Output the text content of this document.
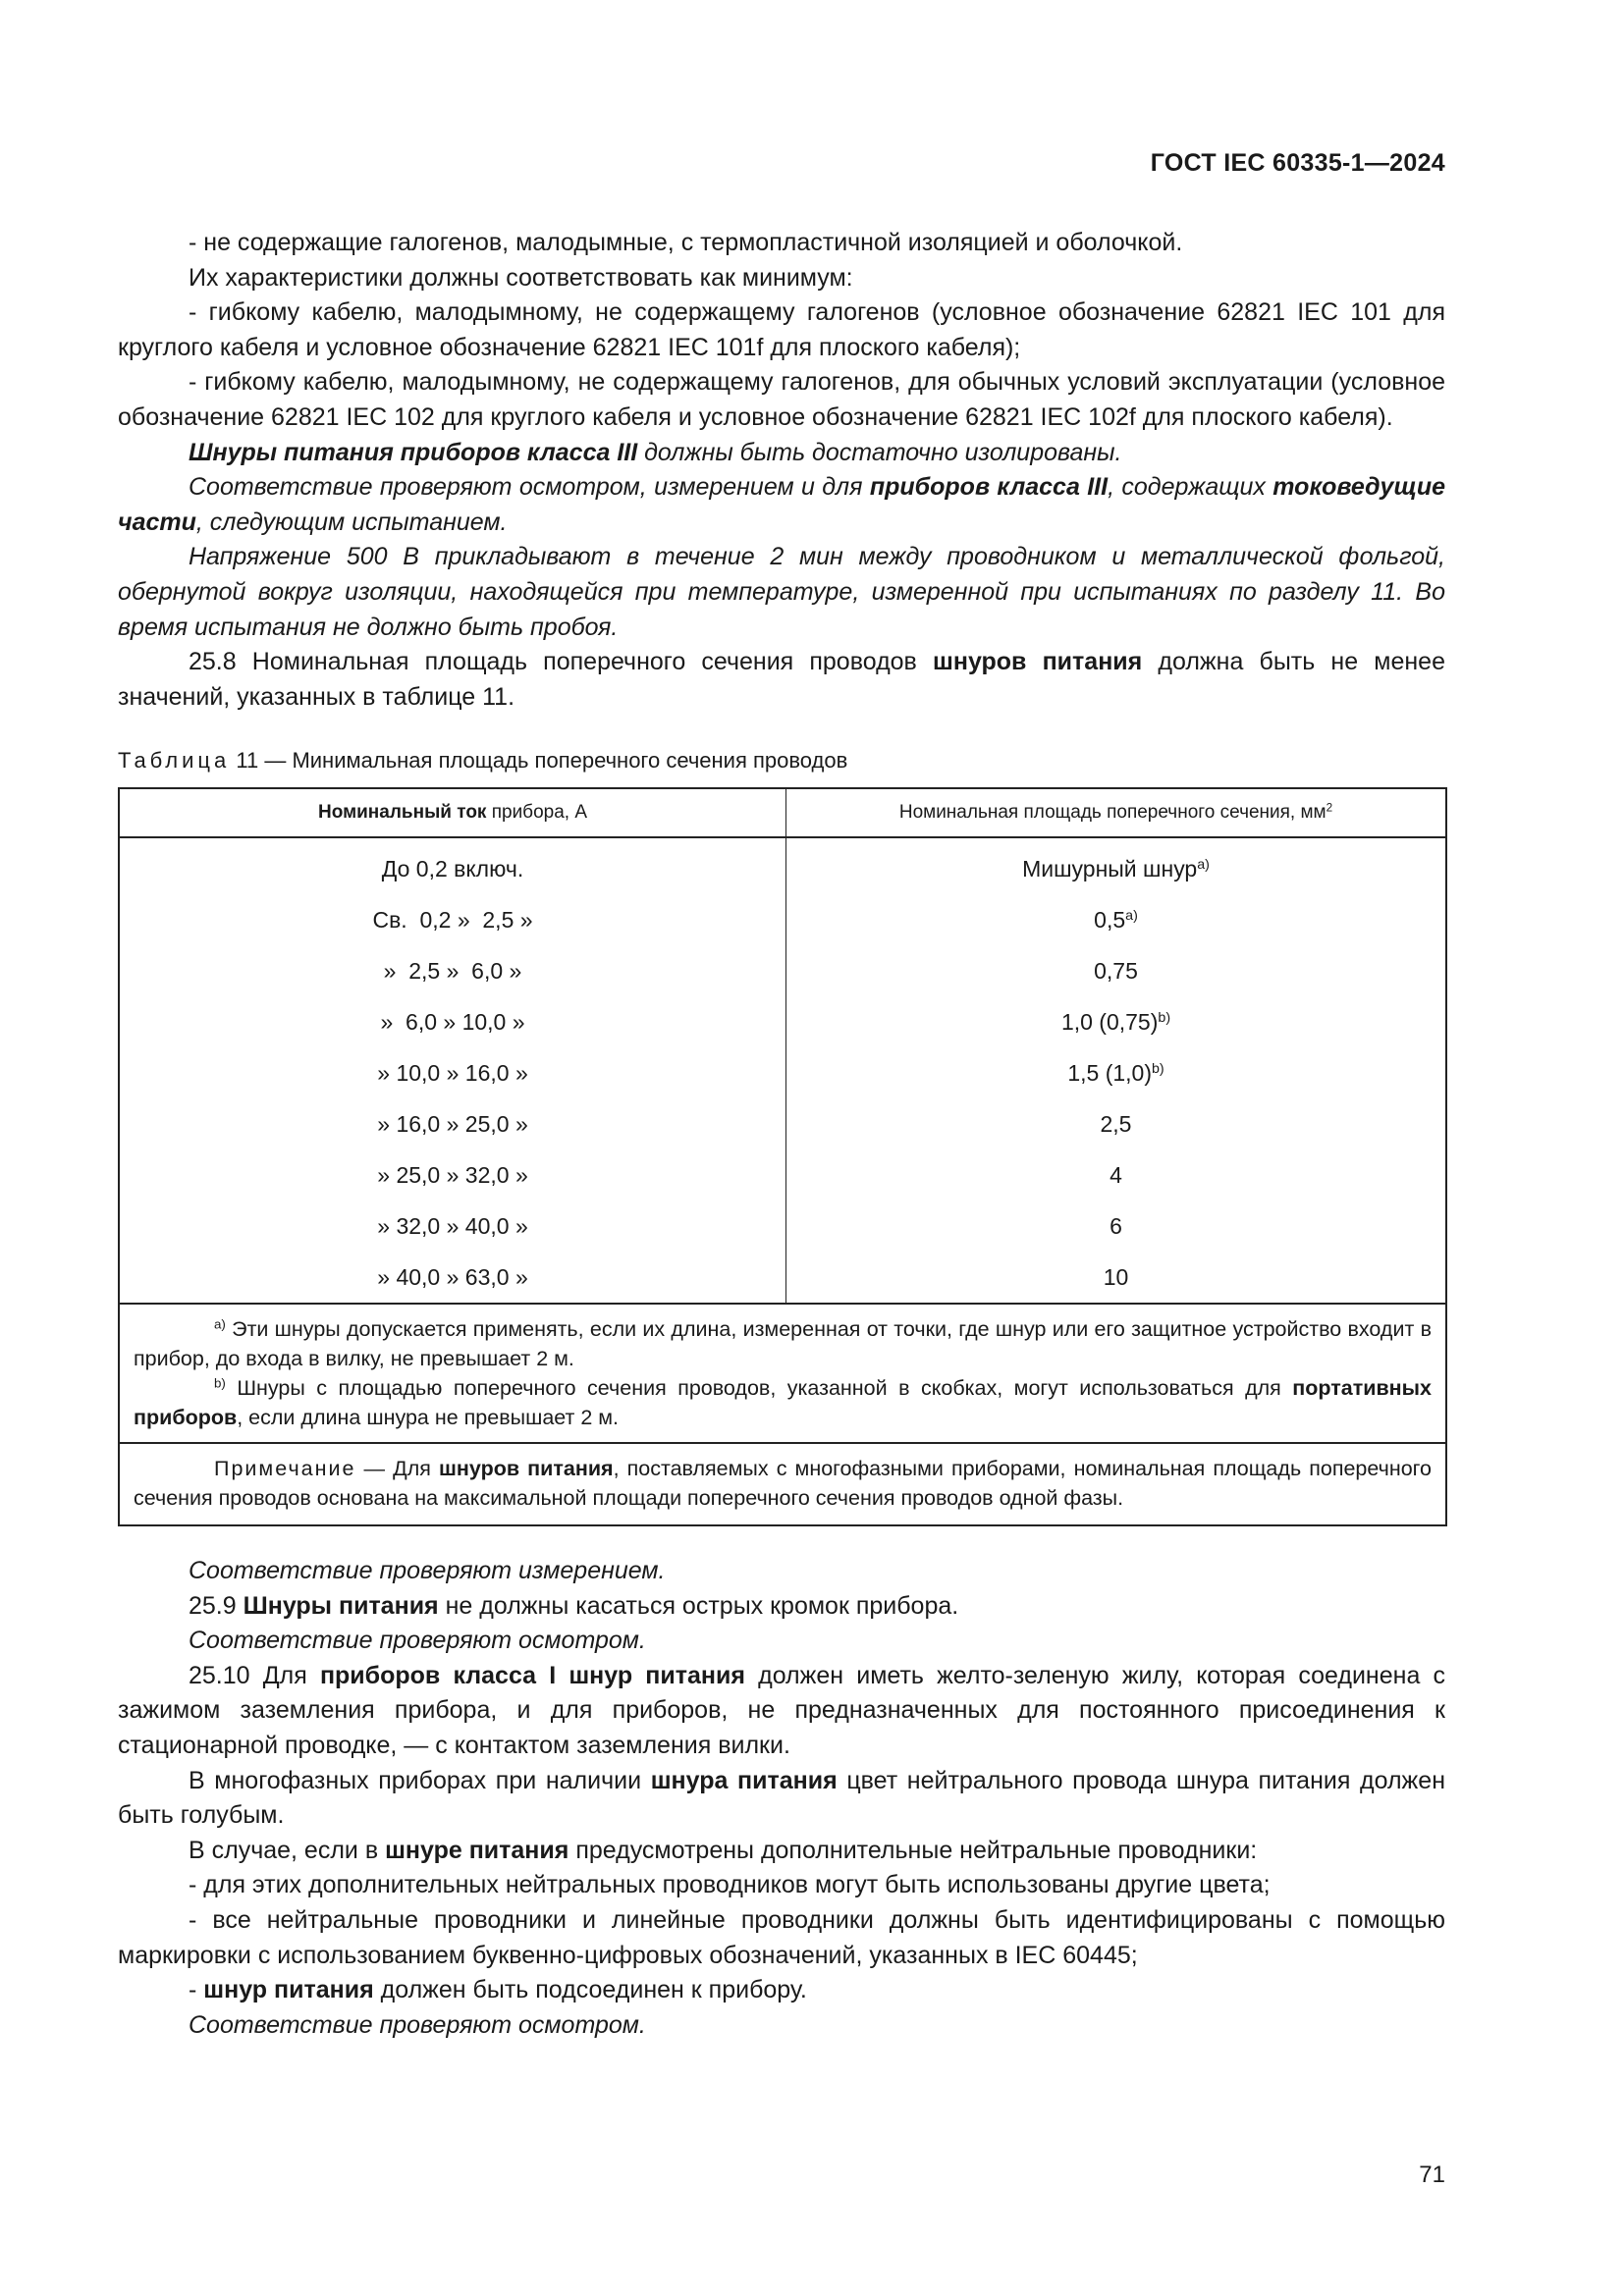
ГОСТ IEC 60335-1—2024

- не содержащие галогенов, малодымные, с термопластичной изоляцией и оболочкой.

Их характеристики должны соответствовать как минимум:

- гибкому кабелю, малодымному, не содержащему галогенов (условное обозначение 62821 IEC 101 для круглого кабеля и условное обозначение 62821 IEC 101f для плоского кабеля);

- гибкому кабелю, малодымному, не содержащему галогенов, для обычных условий эксплуатации (условное обозначение 62821 IEC 102 для круглого кабеля и условное обозначение 62821 IEC 102f для плоского кабеля).

Шнуры питания приборов класса III должны быть достаточно изолированы.

Соответствие проверяют осмотром, измерением и для приборов класса III, содержащих токоведущие части, следующим испытанием.

Напряжение 500 В прикладывают в течение 2 мин между проводником и металлической фольгой, обернутой вокруг изоляции, находящейся при температуре, измеренной при испытаниях по разделу 11. Во время испытания не должно быть пробоя.

25.8 Номинальная площадь поперечного сечения проводов шнуров питания должна быть не менее значений, указанных в таблице 11.

Таблица 11 — Минимальная площадь поперечного сечения проводов
Номинальный ток прибора, А	Номинальная площадь поперечного сечения, $мм^2$
До 0,2 включ.	Мишурный шнур$^{a)}$
Св.  0,2 »  2,5 »	0,5$^{a)}$
»  2,5 »  6,0 »	0,75
»  6,0 » 10,0 »	1,0 $(0,75)^{b)}$
» 10,0 » 16,0 »	1,5 $(1,0)^{b)}$
» 16,0 » 25,0 »	2,5
» 25,0 » 32,0 »	4
» 32,0 » 40,0 »	6
» 40,0 » 63,0 »	10

$^{a)}$ Эти шнуры допускается применять, если их длина, измеренная от точки, где шнур или его защитное устройство входит в прибор, до входа в вилку, не превышает 2 м.
$^{b)}$ Шнуры с площадью поперечного сечения проводов, указанной в скобках, могут использоваться для портативных приборов, если длина шнура не превышает 2 м.	

Примечание — Для шнуров питания, поставляемых с многофазными приборами, номинальная площадь поперечного сечения проводов основана на максимальной площади поперечного сечения проводов одной фазы.	

Соответствие проверяют измерением.

25.9 Шнуры питания не должны касаться острых кромок прибора.

Соответствие проверяют осмотром.

25.10 Для приборов класса I шнур питания должен иметь желто-зеленую жилу, которая соединена с зажимом заземления прибора, и для приборов, не предназначенных для постоянного присоединения к стационарной проводке, — с контактом заземления вилки.

В многофазных приборах при наличии шнура питания цвет нейтрального провода шнура питания должен быть голубым.

В случае, если в шнуре питания предусмотрены дополнительные нейтральные проводники:

- для этих дополнительных нейтральных проводников могут быть использованы другие цвета;

- все нейтральные проводники и линейные проводники должны быть идентифицированы с помощью маркировки с использованием буквенно-цифровых обозначений, указанных в IEC 60445;

- шнур питания должен быть подсоединен к прибору.

Соответствие проверяют осмотром.

71
